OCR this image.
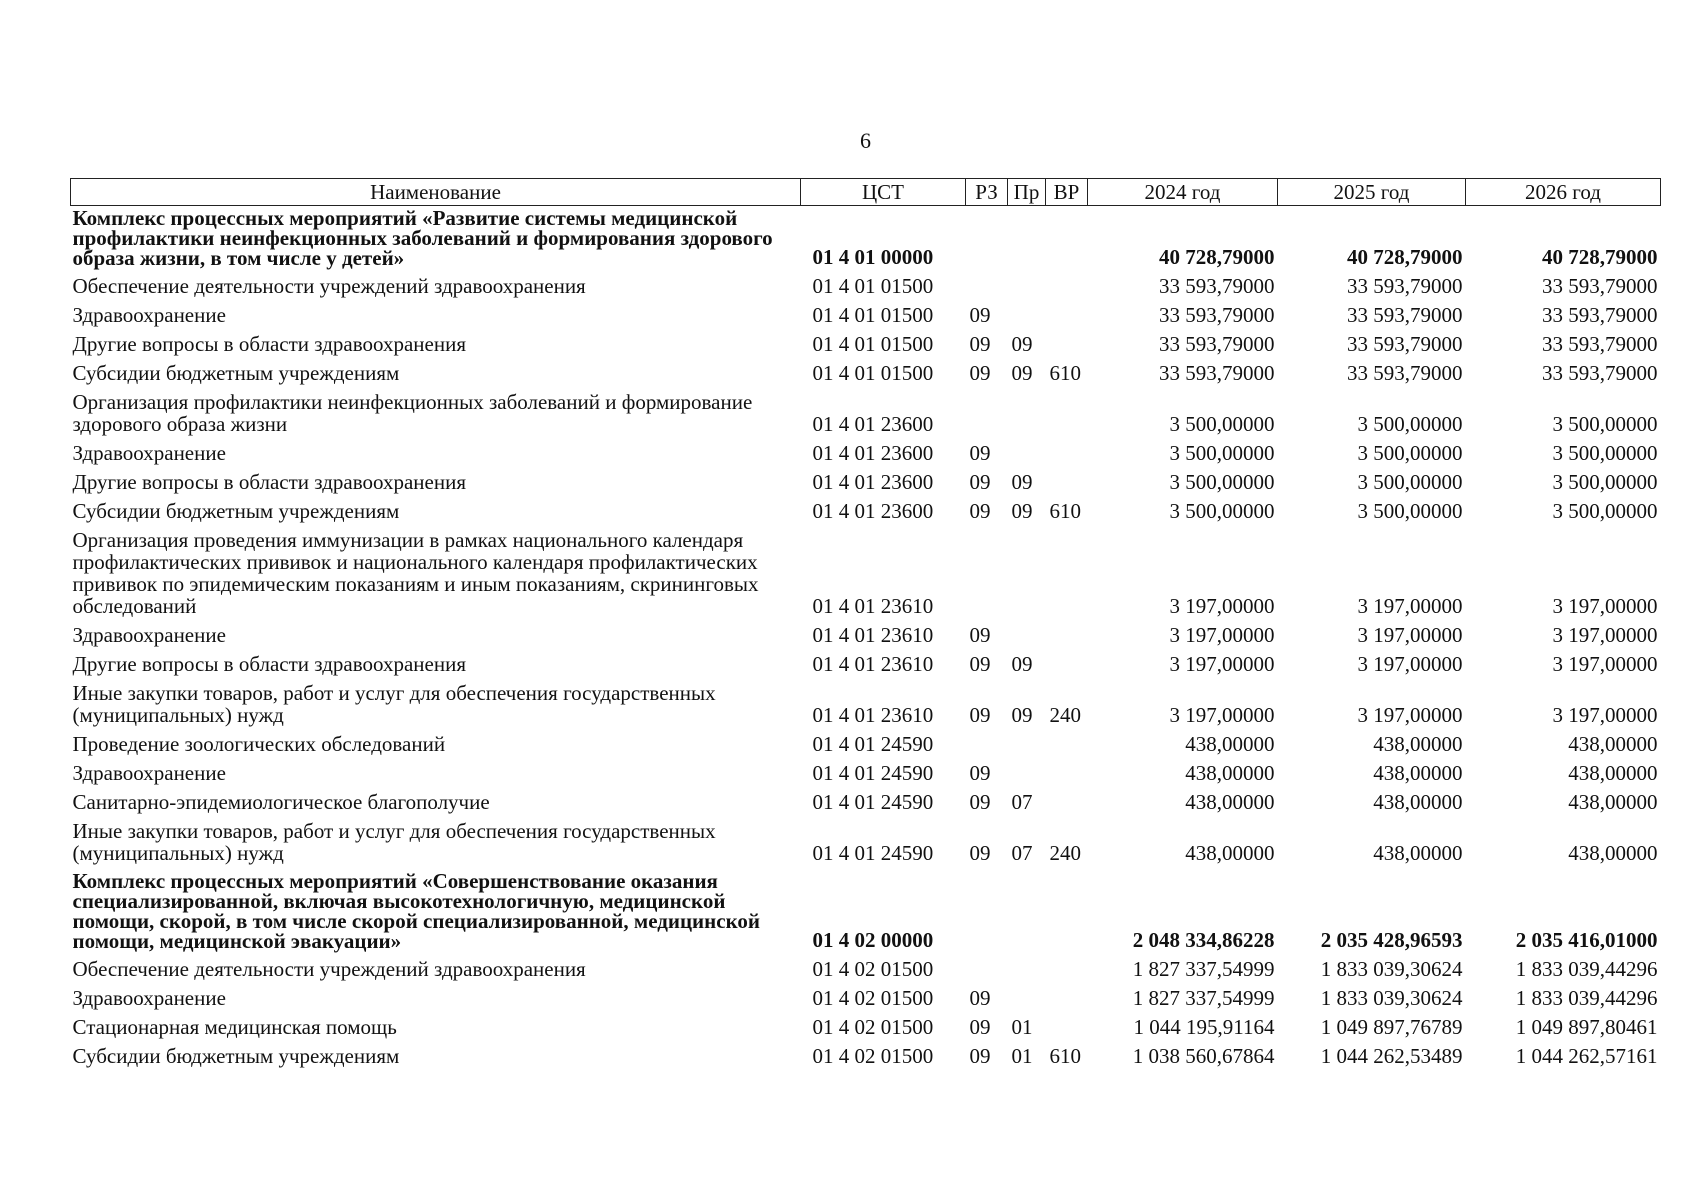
6
Наименование	ЦСТ	РЗ	Пр	ВР	2024 год	2025 год	2026 год
Комплекс процессных мероприятий «Развитие системы медицинской профилактики неинфекционных заболеваний и формирования здорового образа жизни, в том числе у детей»	01 4 01 00000				40 728,79000	40 728,79000	40 728,79000
Обеспечение деятельности учреждений здравоохранения	01 4 01 01500				33 593,79000	33 593,79000	33 593,79000
Здравоохранение	01 4 01 01500	09			33 593,79000	33 593,79000	33 593,79000
Другие вопросы в области здравоохранения	01 4 01 01500	09	09		33 593,79000	33 593,79000	33 593,79000
Субсидии бюджетным учреждениям	01 4 01 01500	09	09	610	33 593,79000	33 593,79000	33 593,79000
Организация профилактики неинфекционных заболеваний и формирование здорового образа жизни	01 4 01 23600				3 500,00000	3 500,00000	3 500,00000
Здравоохранение	01 4 01 23600	09			3 500,00000	3 500,00000	3 500,00000
Другие вопросы в области здравоохранения	01 4 01 23600	09	09		3 500,00000	3 500,00000	3 500,00000
Субсидии бюджетным учреждениям	01 4 01 23600	09	09	610	3 500,00000	3 500,00000	3 500,00000
Организация проведения иммунизации в рамках национального календаря профилактических прививок и национального календаря профилактических прививок по эпидемическим показаниям и иным показаниям, скрининговых обследований	01 4 01 23610				3 197,00000	3 197,00000	3 197,00000
Здравоохранение	01 4 01 23610	09			3 197,00000	3 197,00000	3 197,00000
Другие вопросы в области здравоохранения	01 4 01 23610	09	09		3 197,00000	3 197,00000	3 197,00000
Иные закупки товаров, работ и услуг для обеспечения государственных (муниципальных) нужд	01 4 01 23610	09	09	240	3 197,00000	3 197,00000	3 197,00000
Проведение зоологических обследований	01 4 01 24590				438,00000	438,00000	438,00000
Здравоохранение	01 4 01 24590	09			438,00000	438,00000	438,00000
Санитарно-эпидемиологическое благополучие	01 4 01 24590	09	07		438,00000	438,00000	438,00000
Иные закупки товаров, работ и услуг для обеспечения государственных (муниципальных) нужд	01 4 01 24590	09	07	240	438,00000	438,00000	438,00000
Комплекс процессных мероприятий «Совершенствование оказания специализированной, включая высокотехнологичную, медицинской помощи, скорой, в том числе скорой специализированной, медицинской помощи, медицинской эвакуации»	01 4 02 00000				2 048 334,86228	2 035 428,96593	2 035 416,01000
Обеспечение деятельности учреждений здравоохранения	01 4 02 01500				1 827 337,54999	1 833 039,30624	1 833 039,44296
Здравоохранение	01 4 02 01500	09			1 827 337,54999	1 833 039,30624	1 833 039,44296
Стационарная медицинская помощь	01 4 02 01500	09	01		1 044 195,91164	1 049 897,76789	1 049 897,80461
Субсидии бюджетным учреждениям	01 4 02 01500	09	01	610	1 038 560,67864	1 044 262,53489	1 044 262,57161
